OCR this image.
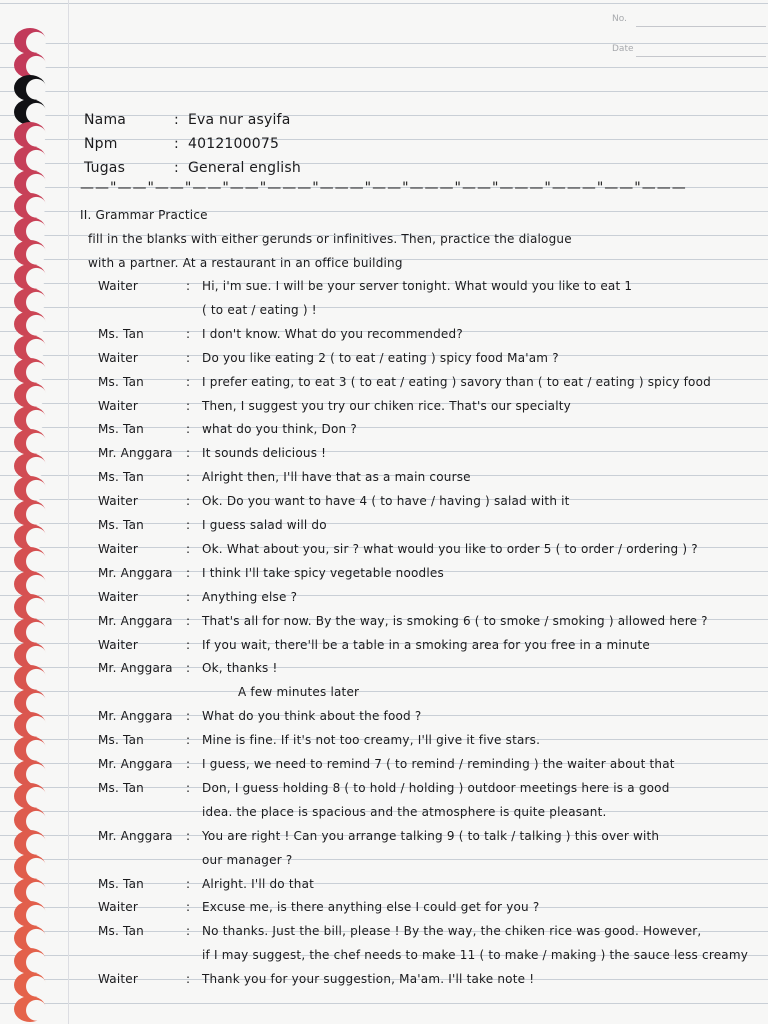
No.
Date
Nama	: Eva nur asyifa
Npm	: 4012100075
Tugas	: General english
——"——"——"——"——"———"———"——"———"——"———"———"——"———
II. Grammar Practice
fill in the blanks with either gerunds or infinitives. Then, practice the dialogue
with a partner. At a restaurant in an office building
Waiter	: Hi, i'm sue. I will be your server tonight. What would you like to eat 1
( to eat / eating ) !
Ms. Tan	: I don't know. What do you recommended?
Waiter	: Do you like eating 2 ( to eat / eating ) spicy food Ma'am ?
Ms. Tan	: I prefer eating, to eat 3 ( to eat / eating ) savory than ( to eat / eating ) spicy food
Waiter	: Then, I suggest you try our chiken rice. That's our specialty
Ms. Tan	: what do you think, Don ?
Mr. Anggara : It sounds delicious !
Ms. Tan	: Alright then, I'll have that as a main course
Waiter	: Ok. Do you want to have 4 ( to have / having ) salad with it
Ms. Tan	: I guess salad will do
Waiter	: Ok. What about you, sir ? what would you like to order 5 ( to order / ordering ) ?
Mr. Anggara : I think I'll take spicy vegetable noodles
Waiter	: Anything else ?
Mr. Anggara : That's all for now. By the way, is smoking 6 ( to smoke / smoking ) allowed here ?
Waiter	: If you wait, there'll be a table in a smoking area for you free in a minute
Mr. Anggara : Ok, thanks !
A few minutes later
Mr. Anggara : What do you think about the food ?
Ms. Tan	: Mine is fine. If it's not too creamy, I'll give it five stars.
Mr. Anggara : I guess, we need to remind 7 ( to remind / reminding ) the waiter about that
Ms. Tan	: Don, I guess holding 8 ( to hold / holding ) outdoor meetings here is a good
idea. the place is spacious and the atmosphere is quite pleasant.
Mr. Anggara : You are right ! Can you arrange talking 9 ( to talk / talking ) this over with
our manager ?
Ms. Tan	: Alright. I'll do that
Waiter	: Excuse me, is there anything else I could get for you ?
Ms. Tan	: No thanks. Just the bill, please ! By the way, the chiken rice was good. However,
if I may suggest, the chef needs to make 11 ( to make / making ) the sauce less creamy
Waiter	: Thank you for your suggestion, Ma'am. I'll take note !
